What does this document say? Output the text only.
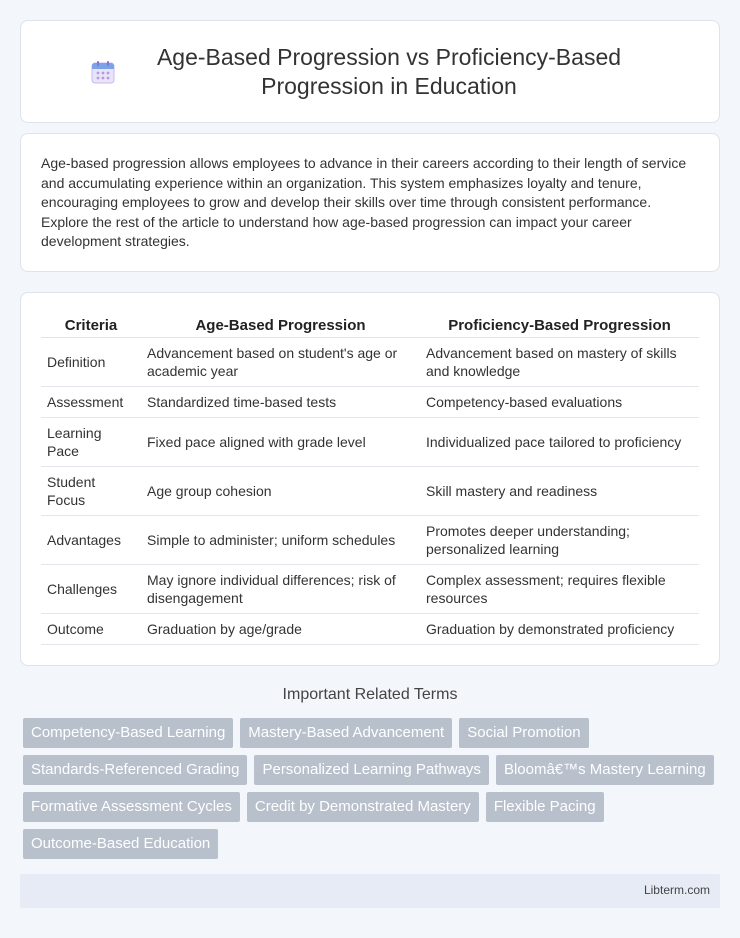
Age-Based Progression vs Proficiency-Based Progression in Education

Age-based progression allows employees to advance in their careers according to their length of service and accumulating experience within an organization. This system emphasizes loyalty and tenure, encouraging employees to grow and develop their skills over time through consistent performance. Explore the rest of the article to understand how age-based progression can impact your career development strategies.

Criteria	Age-Based Progression	Proficiency-Based Progression
Definition	Advancement based on student's age or academic year	Advancement based on mastery of skills and knowledge
Assessment	Standardized time-based tests	Competency-based evaluations
Learning Pace	Fixed pace aligned with grade level	Individualized pace tailored to proficiency
Student Focus	Age group cohesion	Skill mastery and readiness
Advantages	Simple to administer; uniform schedules	Promotes deeper understanding; personalized learning
Challenges	May ignore individual differences; risk of disengagement	Complex assessment; requires flexible resources
Outcome	Graduation by age/grade	Graduation by demonstrated proficiency
Important Related Terms
Competency-Based Learning	Mastery-Based Advancement	Social Promotion
Standards-Referenced Grading	Personalized Learning Pathways	Bloomâ€™s Mastery Learning
Formative Assessment Cycles	Credit by Demonstrated Mastery	Flexible Pacing
Outcome-Based Education
Libterm.com
